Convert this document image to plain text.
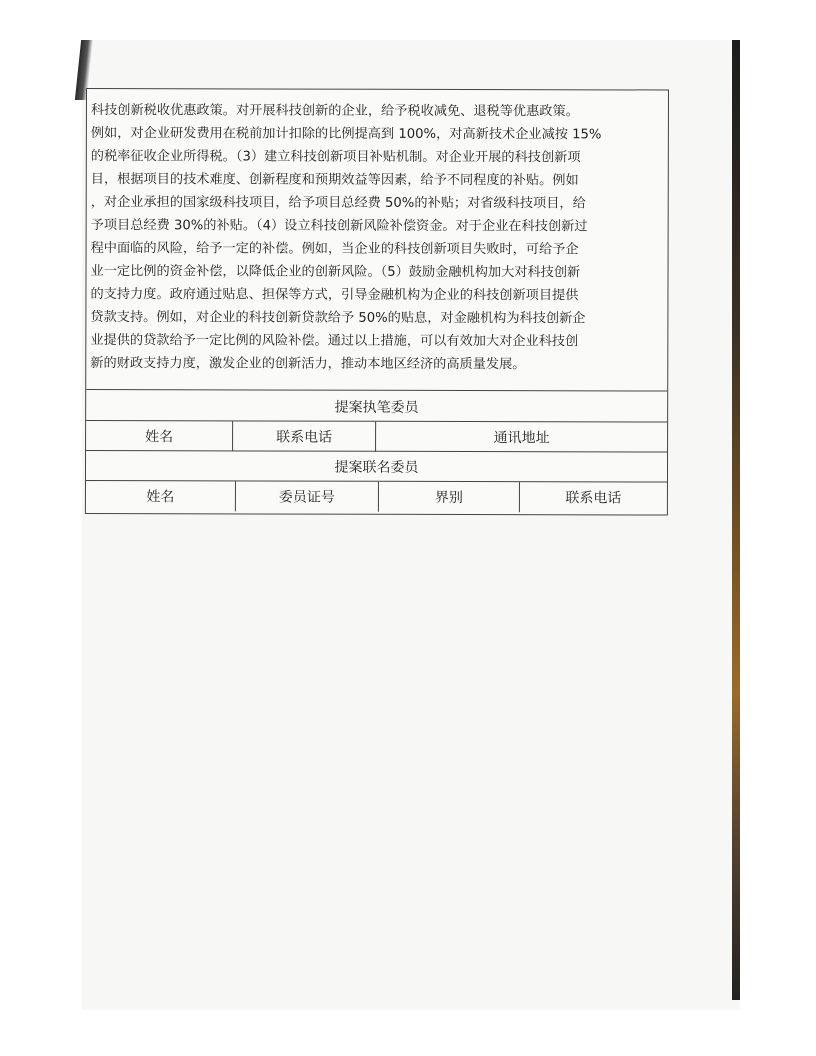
科技创新税收优惠政策。对开展科技创新的企业，给予税收减免、退税等优惠政策。
例如，对企业研发费用在税前加计扣除的比例提高到 100%，对高新技术企业减按 15%
的税率征收企业所得税。（3）建立科技创新项目补贴机制。对企业开展的科技创新项
目，根据项目的技术难度、创新程度和预期效益等因素，给予不同程度的补贴。例如
，对企业承担的国家级科技项目，给予项目总经费 50%的补贴；对省级科技项目，给
予项目总经费 30%的补贴。（4）设立科技创新风险补偿资金。对于企业在科技创新过
程中面临的风险，给予一定的补偿。例如，当企业的科技创新项目失败时，可给予企
业一定比例的资金补偿，以降低企业的创新风险。（5）鼓励金融机构加大对科技创新
的支持力度。政府通过贴息、担保等方式，引导金融机构为企业的科技创新项目提供
贷款支持。例如，对企业的科技创新贷款给予 50%的贴息，对金融机构为科技创新企
业提供的贷款给予一定比例的风险补偿。通过以上措施，可以有效加大对企业科技创
新的财政支持力度，激发企业的创新活力，推动本地区经济的高质量发展。
提案执笔委员
姓名	联系电话	通讯地址
提案联名委员
姓名	委员证号	界别	联系电话
